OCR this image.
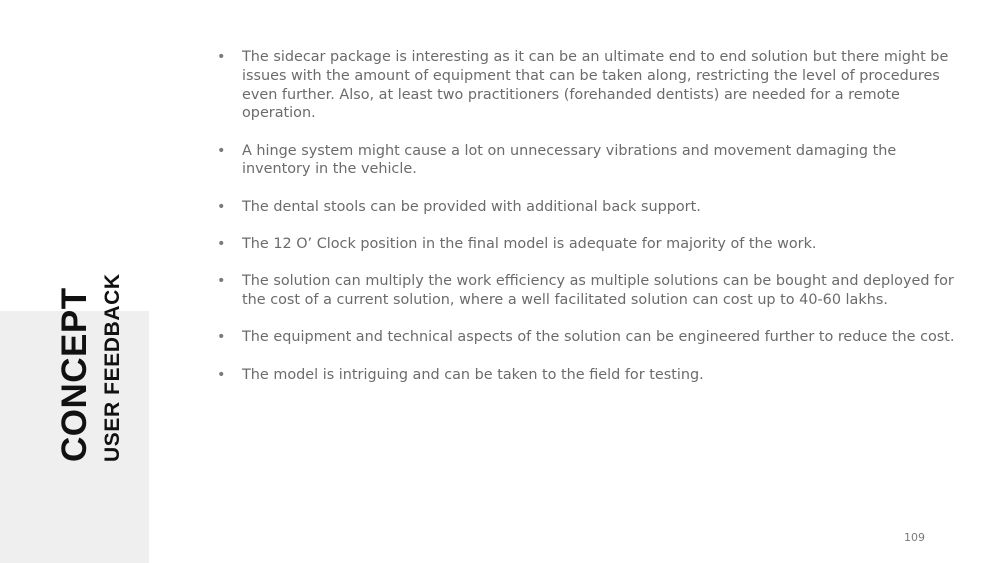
CONCEPT USER FEEDBACK
• The sidecar package is interesting as it can be an ultimate end to end solution but there might be issues with the amount of equipment that can be taken along, restricting the level of procedures even further. Also, at least two practitioners (forehanded dentists) are needed for a remote operation.
• A hinge system might cause a lot on unnecessary vibrations and movement damaging the inventory in the vehicle.
• The dental stools can be provided with additional back support.
• The 12 O’ Clock position in the final model is adequate for majority of the work.
• The solution can multiply the work efficiency as multiple solutions can be bought and deployed for the cost of a current solution, where a well facilitated solution can cost up to 40-60 lakhs.
• The equipment and technical aspects of the solution can be engineered further to reduce the cost.
• The model is intriguing and can be taken to the field for testing.
109
